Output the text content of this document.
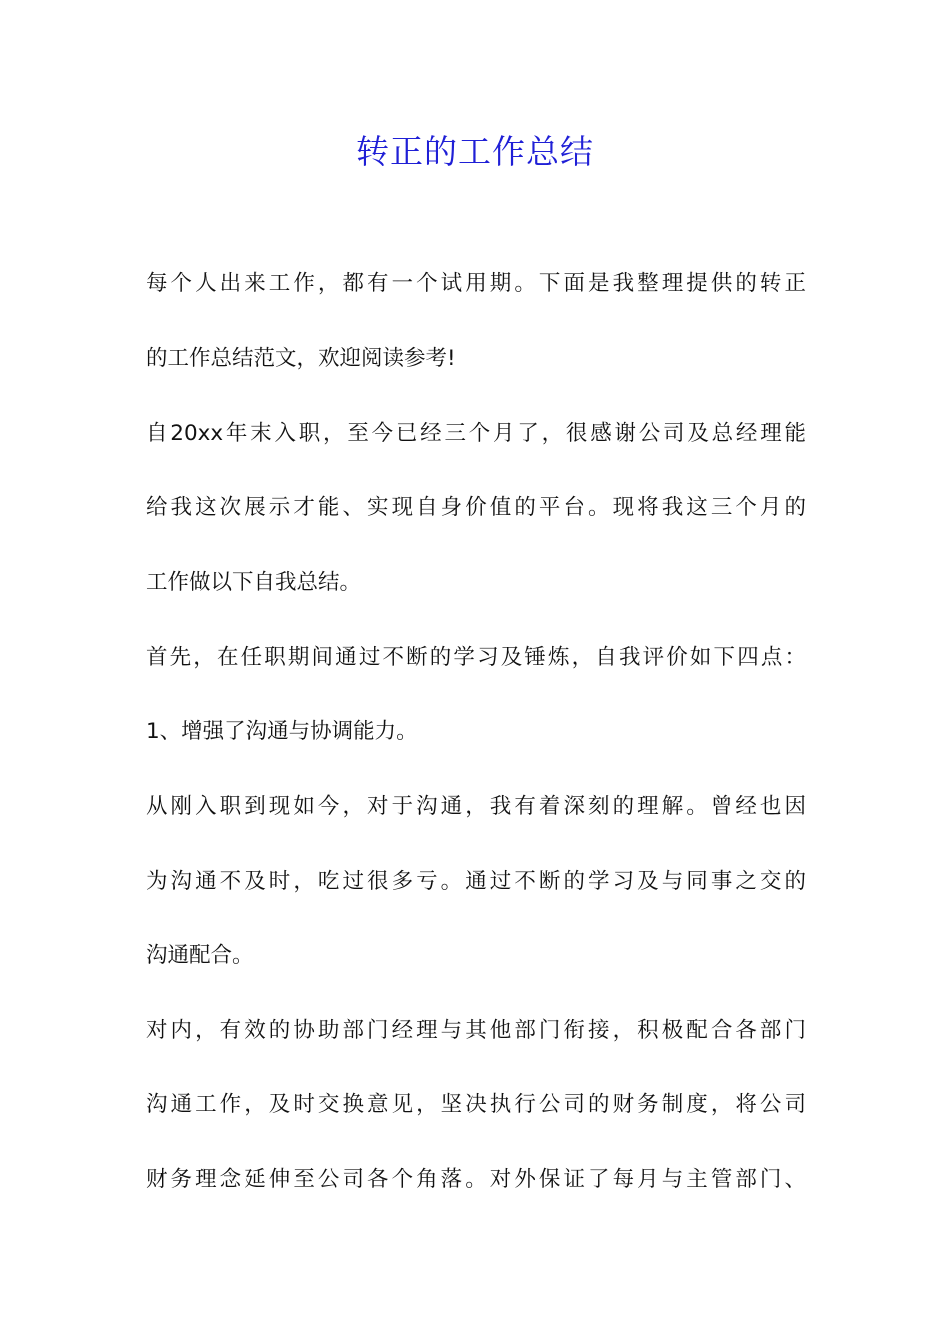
转正的工作总结

每个人出来工作，都有一个试用期。下面是我整理提供的转正

的工作总结范文，欢迎阅读参考!

自20xx年末入职，至今已经三个月了，很感谢公司及总经理能

给我这次展示才能、实现自身价值的平台。现将我这三个月的

工作做以下自我总结。

首先，在任职期间通过不断的学习及锤炼，自我评价如下四点：

1、增强了沟通与协调能力。

从刚入职到现如今，对于沟通，我有着深刻的理解。曾经也因

为沟通不及时，吃过很多亏。通过不断的学习及与同事之交的

沟通配合。

对内，有效的协助部门经理与其他部门衔接，积极配合各部门

沟通工作，及时交换意见，坚决执行公司的财务制度，将公司

财务理念延伸至公司各个角落。对外保证了每月与主管部门、
